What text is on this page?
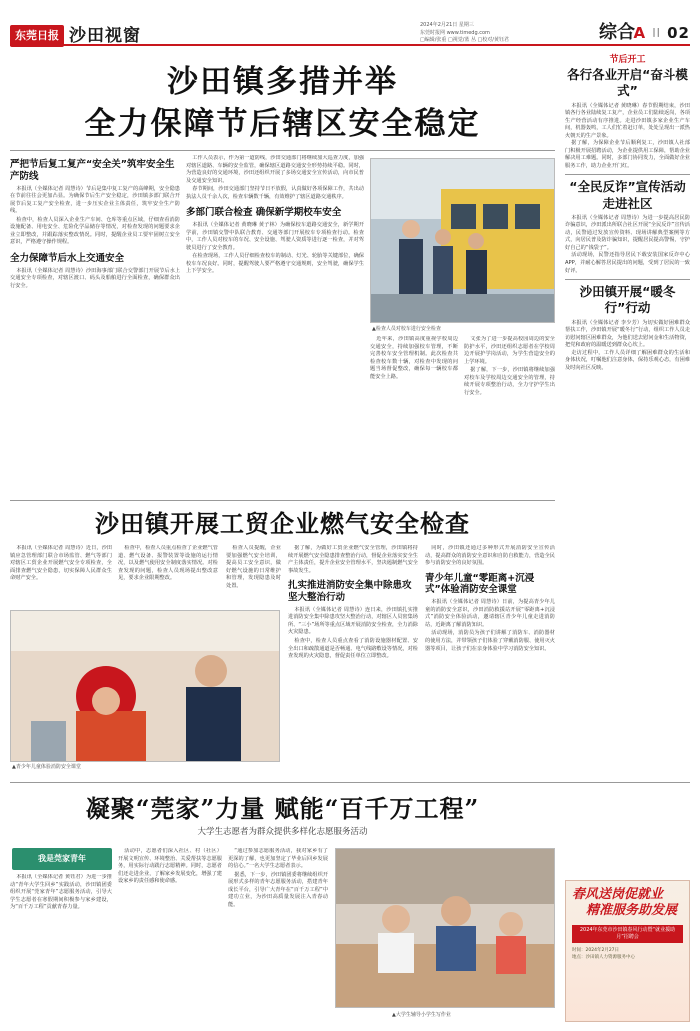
东莞日报 沙田视窗
2024年2月21日 星期三
东莞时报网 www.timedg.com
□编辑/张重 □视觉/蓝 丛 □校对/黄钰君	综合
A || 02
沙田镇多措并举
全力保障节后辖区安全稳定
严把节后复工复产“安全关”筑牢安全生产防线

本报讯（全媒体记者 周慧诗）节后是集中复工复产的高峰期，安全隐患在节前往往会更加凸显。为确保节后生产安全稳定，沙田镇多部门联合开展节后复工复产安全检查，进一步压实企业主体责任，筑牢安全生产防线。

检查中，检查人员深入企业生产车间、仓库等重点区域，仔细查看消防设施配备、用电安全、危险化学品储存等情况，对检查发现的问题要求企业立即整改，并跟踪落实整改情况。同时，提醒企业员工要牢固树立安全意识，严格遵守操作规程。

全力保障节后水上交通安全

本报讯（全媒体记者 周慧诗）沙田海事部门联合交警部门开展节后水上交通安全专项检查，对辖区渡口、码头及船舶进行全面检查，确保群众出行安全。

工作人员表示，作为第一道防线，沙田交通部门将继续加大巡查力度，加强对辖区道路、车辆的安全监管，确保辖区道路交通安全形势持续平稳。同时，为营造良好的交通环境，沙田还组织开展了多场交通安全宣传活动，向市民普及交通安全知识。

春节期间，沙田交通部门坚持节日不放假，认真做好各项保障工作，共出动执法人员千余人次，检查车辆数千辆，有效维护了辖区道路交通秩序。

多部门联合检查 确保新学期校车安全

本报讯（全媒体记者 黄晓琳 黄子林）为确保校车道路交通安全，新学期开学前，沙田镇交警中队联合教育、交通等部门开展校车专项检查行动。检查中，工作人员对校车的车况、安全设施、驾驶人资质等进行逐一检查，并对驾驶员进行了安全教育。

在检查现场，工作人员仔细检查校车的制动、灯光、轮胎等关键部位，确保校车车况良好。同时，提醒驾驶人要严格遵守交通规则，安全驾驶，确保学生上下学安全。

▲检查人员对校车进行安全检查

近年来，沙田镇高度重视学校周边交通安全，持续加强校车管理，不断完善校车安全管理机制。此次检查共检查校车数十辆，对检查中发现的问题当场督促整改，确保每一辆校车都能安全上路。

文张为了进一步提高校园周边的安全防护水平，沙田还组织志愿者在学校周边开展护学岗活动，为学生营造安全的上学环境。

据了解，下一步，沙田镇将继续加强对校车及学校周边交通安全的管理，持续开展专项整治行动，全力守护学生出行安全。

节后开工
各行各业开启“奋斗模式”

本报讯（全媒体记者 黄晓琳）春节假期结束，沙田镇各行各业陆续复工复产，企业员工们陆续返岗，各项生产经营活动有序推进。走进沙田镇多家企业生产车间，机器轰鸣，工人们忙着赶订单，处处呈现出一派热火朝天的生产景象。

据了解，为保障企业节后顺利复工，沙田镇人社部门积极开展招聘活动，为企业提供用工保障，帮助企业解决用工难题。同时，多部门协同发力，全面做好企业服务工作，助力企业开门红。

“全民反诈”宣传活动走进社区

本报讯（全媒体记者 周慧诗）为进一步提高居民防诈骗意识，沙田派出所联合社区开展“全民反诈”宣传活动，民警通过发放宣传资料、现场讲解典型案例等方式，向居民普及防诈骗知识，提醒居民提高警惕，守护好自己的“钱袋子”。

活动现场，民警还指导居民下载安装国家反诈中心APP，并耐心解答居民提出的问题，受到了居民的一致好评。

沙田镇开展“暖冬行”行动

本报讯（全媒体记者 李少芳）为切实做好困难群众帮扶工作，沙田镇开展“暖冬行”行动，组织工作人员走访慰问辖区困难群众，为他们送去慰问金和生活物资，把党和政府的温暖送到群众心坎上。

走访过程中，工作人员详细了解困难群众的生活和身体状况，叮嘱他们注意身体，保持乐观心态，有困难及时向社区反映。

沙田镇开展工贸企业燃气安全检查

本报讯（全媒体记者 周慧诗）近日，沙田镇应急管理部门联合市场监管、燃气等部门对辖区工贸企业开展燃气安全专项检查，全面排查燃气安全隐患，切实保障人民群众生命财产安全。

检查中，检查人员重点检查了企业燃气管道、燃气设备、报警装置等设施的运行情况，以及燃气使用安全制度落实情况。对检查发现的问题，检查人员现场提出整改意见，要求企业限期整改。

▲青少年儿童体验消防安全课堂

检查人员提醒，企业要加强燃气安全培训，提高员工安全意识，做好燃气设施的日常维护和管理，发现隐患及时处置。

据了解，为做好工贸企业燃气安全管理，沙田镇将持续开展燃气安全隐患排查整治行动，督促企业落实安全生产主体责任，提升企业安全管理水平，坚决遏制燃气安全事故发生。

扎实推进消防安全集中除患攻坚大整治行动

本报讯（全媒体记者 周慧诗）连日来，沙田镇扎实推进消防安全集中除患攻坚大整治行动，对辖区人员密集场所、“三小”场所等重点区域开展消防安全检查，全力消除火灾隐患。

检查中，检查人员重点查看了消防设施器材配置、安全出口和疏散通道是否畅通、电气线路敷设等情况，对检查发现的火灾隐患，督促责任单位立即整改。

同时，沙田镇还通过多种形式开展消防安全宣传活动，提高群众的消防安全意识和自防自救能力，营造全民参与消防安全的良好氛围。

青少年儿童“零距离+沉浸式”体验消防安全课堂

本报讯（全媒体记者 周慧诗）日前，为提高青少年儿童的消防安全意识，沙田消防救援站开展“零距离+沉浸式”消防安全体验活动，邀请辖区青少年儿童走进消防站，近距离了解消防知识。

活动现场，消防员为孩子们讲解了消防车、消防器材的使用方法，并带领孩子们体验了穿戴消防服、使用灭火器等项目，让孩子们在亲身体验中学习消防安全知识。

凝聚“莞家”力量 赋能“百千万工程”
大学生志愿者为群众提供多样化志愿服务活动
我是莞家青年

本报讯（全媒体记者 黄钰君）为进一步推动“青年大学生回乡”实践活动，沙田镇团委组织开展“莞家青年”志愿服务活动，引导大学生志愿者在寒假期间积极参与家乡建设，为“百千万工程”贡献青春力量。

活动中，志愿者们深入社区、村（社区）开展文明宣传、环境整治、关爱帮扶等志愿服务，用实际行动践行志愿精神。同时，志愿者们还走进企业，了解家乡发展变化，增强了建设家乡的责任感和使命感。

“通过参加志愿服务活动，我对家乡有了更深的了解，也更加坚定了毕业后回乡发展的信心。”一名大学生志愿者表示。

据悉，下一步，沙田镇团委将继续组织开展形式多样的青年志愿服务活动，搭建青年成长平台，引导广大青年在“百千万工程”中建功立业，为沙田高质量发展注入青春动能。

▲大学生辅导小学生写作业
春风送岗促就业
精准服务助发展
2024年东莞市沙田镇春风行动暨“就业援助月”招聘会
时间：2024年2月27日
地点：沙田镇人力资源服务中心
